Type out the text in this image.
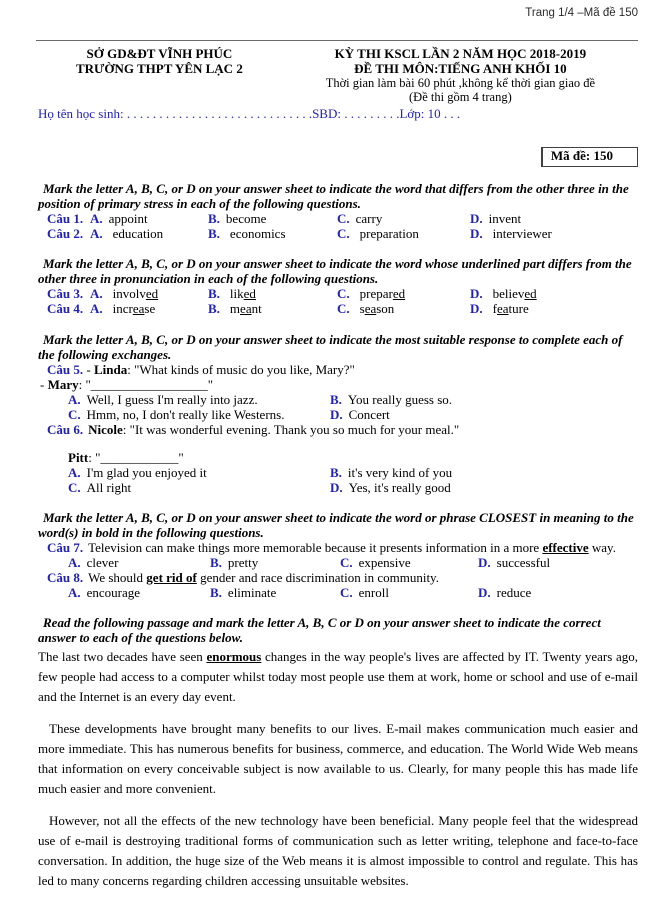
Trang 1/4 –Mã đề 150
SỞ GD&ĐT VĨNH PHÚC
TRƯỜNG THPT YÊN LẠC 2
KỲ THI KSCL LẦN 2 NĂM HỌC 2018-2019
ĐỀ THI MÔN:TIẾNG ANH KHỐI 10
Thời gian làm bài 60 phút ,không kể thời gian giao đề
(Đề thi gồm 4 trang)
Họ tên học sinh: . . . . . . . . . . . . . . . . . . . . . . . . . . . . .SBD: . . . . . . . . .Lớp: 10 . . .
Mã đề: 150
Mark the letter A, B, C, or D on your answer sheet to indicate the word that differs from the other three in the position of primary stress in each of the following questions.
Câu 1. A. appoint	B. become	C. carry	D. invent
Câu 2. A. education	B. economics	C. preparation	D. interviewer
Mark the letter A, B, C, or D on your answer sheet to indicate the word whose underlined part differs from the other three in pronunciation in each of the following questions.
Câu 3. A. involved	B. liked	C. prepared	D. believed
Câu 4. A. increase	B. meant	C. season	D. feature
Mark the letter A, B, C, or D on your answer sheet to indicate the most suitable response to complete each of the following exchanges.
Câu 5. - Linda: "What kinds of music do you like, Mary?"
- Mary: "__________________"
A. Well, I guess I'm really into jazz.	B. You really guess so.
C. Hmm, no, I don't really like Westerns.	D. Concert
Câu 6. Nicole: "It was wonderful evening. Thank you so much for your meal."
Pitt: "____________"
A. I'm glad you enjoyed it	B. it's very kind of you
C. All right	D. Yes, it's really good
Mark the letter A, B, C, or D on your answer sheet to indicate the word or phrase CLOSEST in meaning to the word(s) in bold in the following questions.
Câu 7. Television can make things more memorable because it presents information in a more effective way.
A. clever	B. pretty	C. expensive	D. successful
Câu 8. We should get rid of gender and race discrimination in community.
A. encourage	B. eliminate	C. enroll	D. reduce
Read the following passage and mark the letter A, B, C or D on your answer sheet to indicate the correct answer to each of the questions below.
The last two decades have seen enormous changes in the way people's lives are affected by IT. Twenty years ago, few people had access to a computer whilst today most people use them at work, home or school and use of e-mail and the Internet is an every day event.
These developments have brought many benefits to our lives. E-mail makes communication much easier and more immediate. This has numerous benefits for business, commerce, and education. The World Wide Web means that information on every conceivable subject is now available to us. Clearly, for many people this has made life much easier and more convenient.
However, not all the effects of the new technology have been beneficial. Many people feel that the widespread use of e-mail is destroying traditional forms of communication such as letter writing, telephone and face-to-face conversation. In addition, the huge size of the Web means it is almost impossible to control and regulate. This has led to many concerns regarding children accessing unsuitable websites.
